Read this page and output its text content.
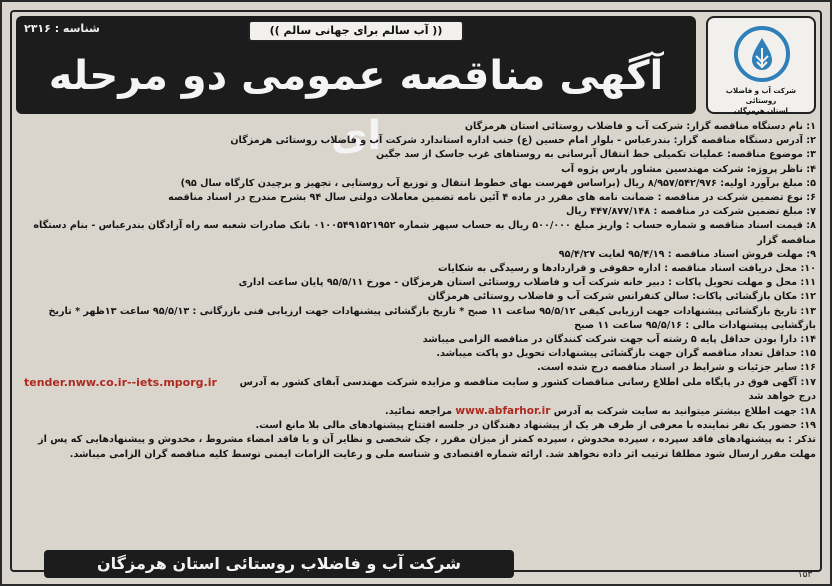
شناسه : ۲۳۱۶	(( آب سالم برای جهانی سالم ))
آگهی مناقصه عمومی دو مرحله ای
شرکت آب و فاضلاب روستائی
استان هرمزگان

۱: نام دستگاه مناقصه گزار: شرکت آب و فاضلاب روستائی استان هرمزگان

۲: آدرس دستگاه مناقصه گزار: بندرعباس - بلوار امام حسین (ع) جنب اداره استاندارد شرکت آب و فاضلاب روستائی هرمزگان

۳: موضوع مناقصه: عملیات تکمیلی خط انتقال آبرسانی به روستاهای غرب جاسک از سد جگین

۴: ناظر پروژه: شرکت مهندسین مشاور پارس پژوه آب

۵: مبلغ برآورد اولیه: ۸/۹۵۷/۵۴۲/۹۷۶ ریال (براساس فهرست بهای خطوط انتقال و توزیع آب روستایی ، تجهیز و برچیدن کارگاه سال ۹۵)

۶: نوع تضمین شرکت در مناقصه : ضمانت نامه های مقرر در ماده ۴ آئین نامه تضمین معاملات دولتی سال ۹۴ بشرح مندرج در اسناد مناقصه

۷: مبلغ تضمین شرکت در مناقصه : ۴۴۷/۸۷۷/۱۴۸ ریال

۸: قیمت اسناد مناقصه و شماره حساب : واریز مبلغ ۵۰۰/۰۰۰ ریال به حساب سپهر شماره ۰۱۰۰۵۴۹۱۵۲۱۹۵۲ بانک صادرات شعبه سه راه آزادگان بندرعباس - بنام دستگاه

مناقصه گزار

۹: مهلت فروش اسناد مناقصه : ۹۵/۴/۱۹ لغایت ۹۵/۴/۲۷

۱۰: محل دریافت اسناد مناقصه : اداره حقوقی و قراردادها و رسیدگی به شکایات

۱۱: محل و مهلت تحویل پاکات : دبیر خانه شرکت آب و فاضلاب روستائی استان هرمزگان - مورخ ۹۵/۵/۱۱ پایان ساعت اداری

۱۲: مکان بازگشائی پاکات: سالن کنفرانس شرکت آب و فاضلاب روستائی هرمزگان

۱۳: تاریخ بازگشائی پیشنهادات جهت ارزیابی کیفی ۹۵/۵/۱۲ ساعت ۱۱ صبح * تاریخ بازگشائی پیشنهادات جهت ارزیابی فنی بازرگانی : ۹۵/۵/۱۳ ساعت ۱۳ظهر * تاریخ

بازگشایی پیشنهادات مالی : ۹۵/۵/۱۶ ساعت ۱۱ صبح

۱۴: دارا بودن حداقل پایه ۵ رشته آب جهت شرکت کنندگان در مناقصه الزامی میباشد

۱۵: حداقل تعداد مناقصه گران جهت بازگشائی پیشنهادات تحویل دو پاکت میباشد.

۱۶: سایر جزئیات و شرایط در اسناد مناقصه درج شده است.

۱۷: آگهی فوق در پایگاه ملی اطلاع رسانی مناقصات کشور و سایت مناقصه و مزایده شرکت مهندسی آبفای کشور به آدرس
tender.nww.co.ir--iets.mporg.ir

درج خواهد شد

۱۸: جهت اطلاع بیشتر میتوانید به سایت شرکت به آدرس www.abfarhor.ir مراجعه نمائید.

۱۹: حضور یک نفر نماینده با معرفی از طرف هر یک از پیشنهاد دهندگان در جلسه افتتاح پیشنهادهای مالی بلا مانع است.

تذکر : به پیشنهادهای فاقد سپرده ، سپرده مخدوش ، سپرده کمتر از میزان مقرر ، چک شخصی و نظایر آن و یا فاقد امضاء مشروط ، مخدوش و پیشنهادهایی که پس از

مهلت مقرر ارسال شود مطلقا ترتیب اثر داده نخواهد شد. ارائه شماره اقتصادی و شناسه ملی و رعایت الزامات ایمنی توسط کلیه مناقصه گران الزامی میباشد.

شرکت آب و فاضلاب روستائی استان هرمزگان
۱۵۳
